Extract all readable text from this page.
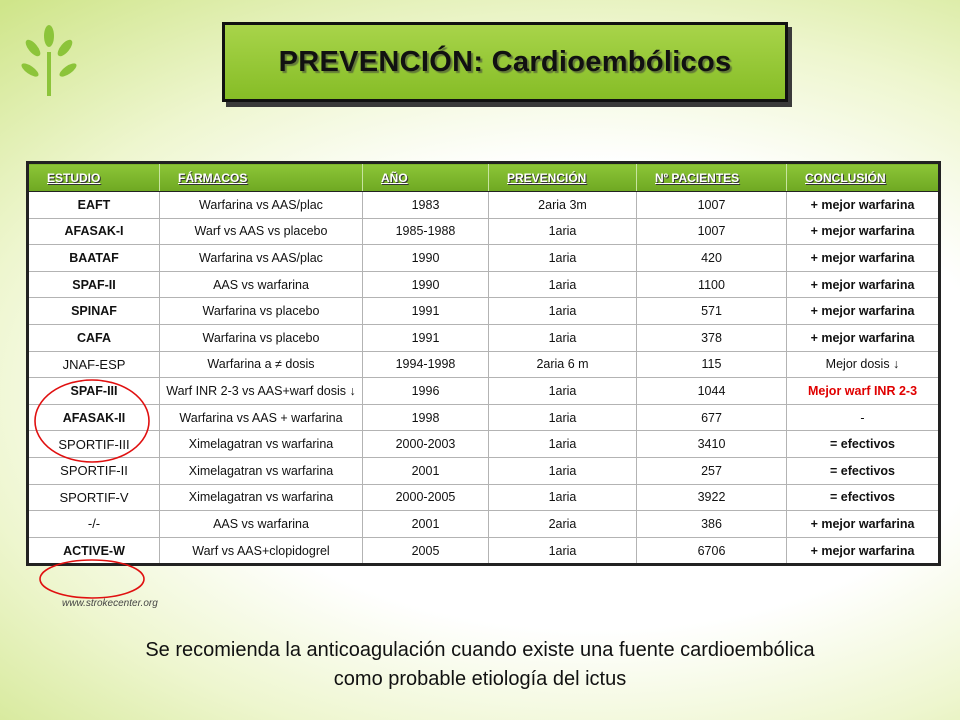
PREVENCIÓN: Cardioembólicos
ESTUDIO	FÁRMACOS	AÑO	PREVENCIÓN	Nº PACIENTES	CONCLUSIÓN
EAFT	Warfarina vs AAS/plac	1983	2aria 3m	1007	+ mejor warfarina
AFASAK-I	Warf vs AAS vs placebo	1985-1988	1aria	1007	+ mejor warfarina
BAATAF	Warfarina vs AAS/plac	1990	1aria	420	+ mejor warfarina
SPAF-II	AAS vs warfarina	1990	1aria	1100	+ mejor warfarina
SPINAF	Warfarina vs placebo	1991	1aria	571	+ mejor warfarina
CAFA	Warfarina vs placebo	1991	1aria	378	+ mejor warfarina
JNAF-ESP	Warfarina a ≠ dosis	1994-1998	2aria 6 m	115	Mejor dosis ↓
SPAF-III	Warf INR 2-3 vs AAS+warf dosis ↓	1996	1aria	1044	Mejor warf INR 2-3
AFASAK-II	Warfarina vs AAS + warfarina	1998	1aria	677	-
SPORTIF-III	Ximelagatran vs warfarina	2000-2003	1aria	3410	= efectivos
SPORTIF-II	Ximelagatran vs warfarina	2001	1aria	257	= efectivos
SPORTIF-V	Ximelagatran vs warfarina	2000-2005	1aria	3922	= efectivos
-/-	AAS vs warfarina	2001	2aria	386	+ mejor warfarina
ACTIVE-W	Warf vs AAS+clopidogrel	2005	1aria	6706	+ mejor warfarina
www.strokecenter.org
Se recomienda la anticoagulación cuando existe una fuente cardioembólica
como probable etiología del ictus
